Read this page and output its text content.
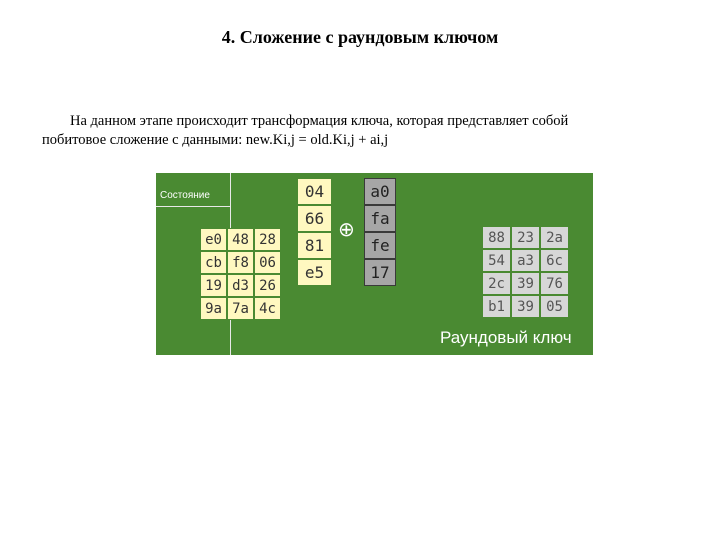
4. Сложение с раундовым ключом
На данном этапе происходит трансформация ключа, которая представляет собой
побитовое сложение с данными: new.Ki,j = old.Ki,j + ai,j
Состояние
e0 48 28
cb f8 06
19 d3 26
9a 7a 4c
04
66
81
e5
⊕
a0
fa
fe
17
88 23 2a
54 a3 6c
2c 39 76
b1 39 05
Раундовый ключ
